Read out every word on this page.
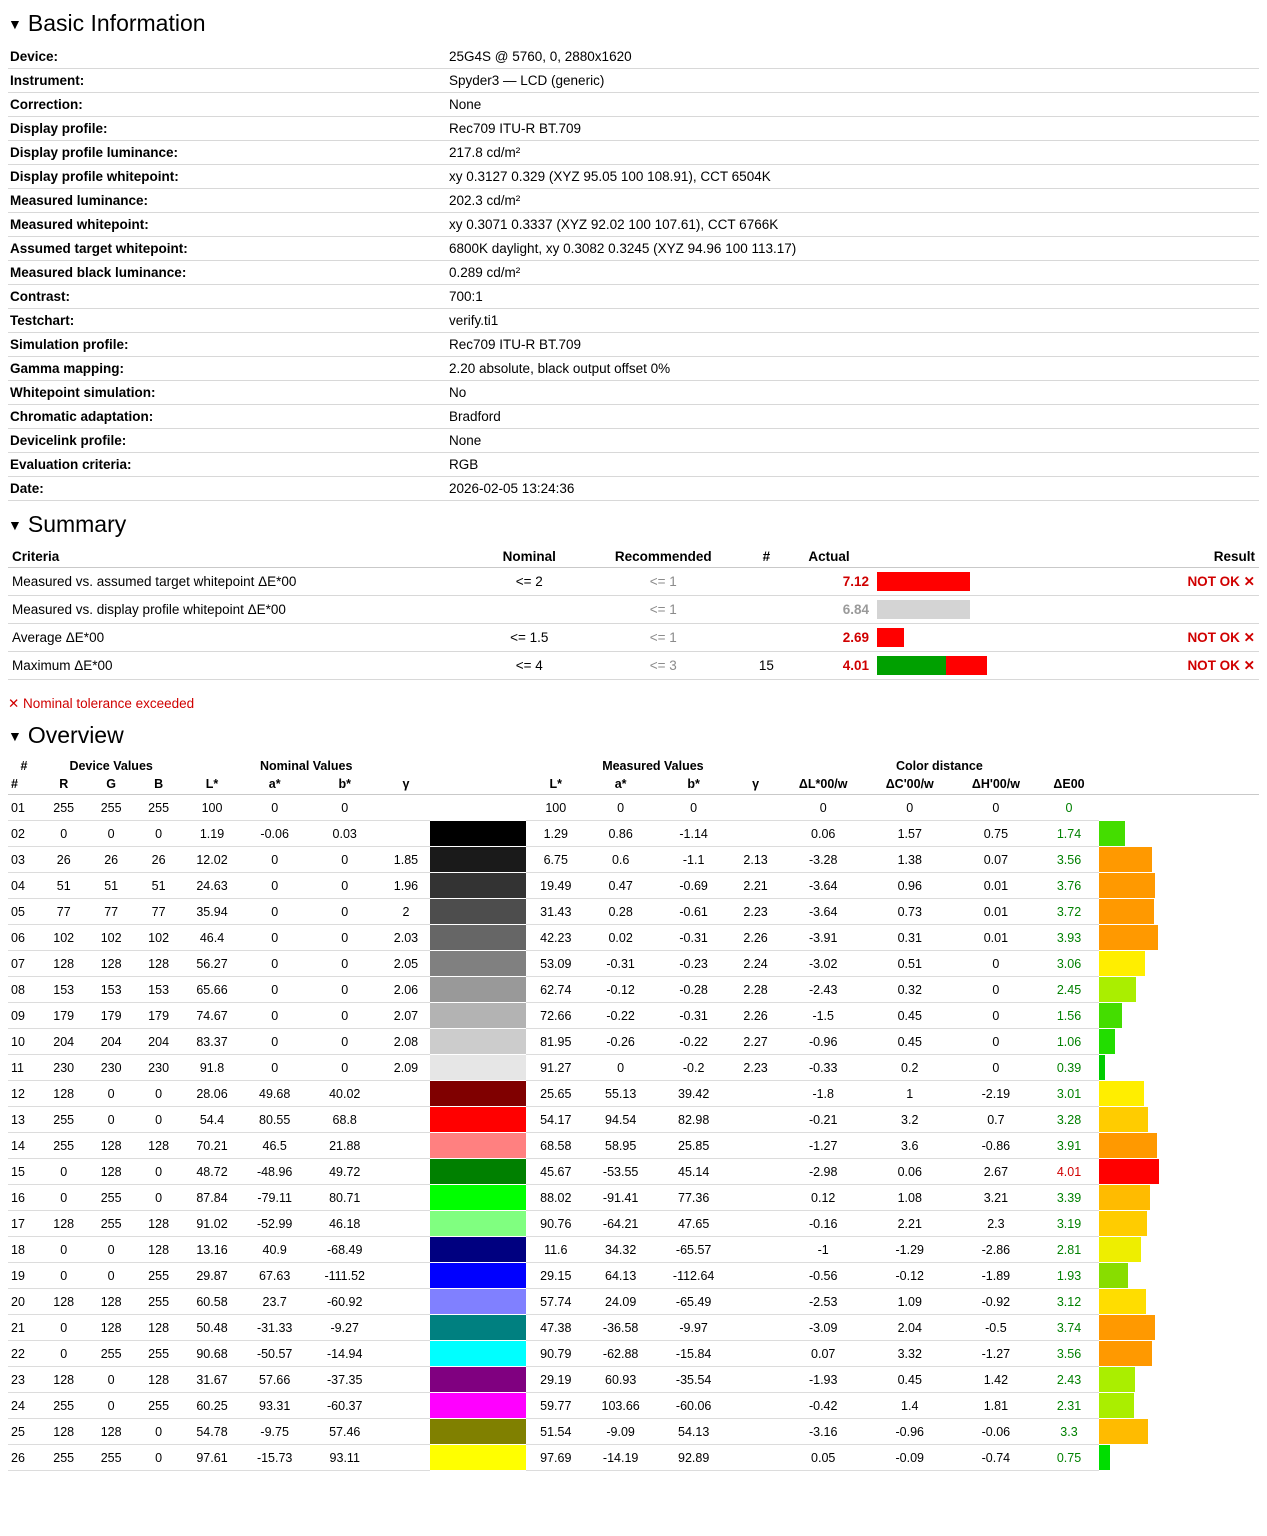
▼ Basic Information
Device:	25G4S @ 5760, 0, 2880x1620
Instrument:	Spyder3 — LCD (generic)
Correction:	None
Display profile:	Rec709 ITU-R BT.709
Display profile luminance:	217.8 cd/m²
Display profile whitepoint:	xy 0.3127 0.329 (XYZ 95.05 100 108.91), CCT 6504K
Measured luminance:	202.3 cd/m²
Measured whitepoint:	xy 0.3071 0.3337 (XYZ 92.02 100 107.61), CCT 6766K
Assumed target whitepoint:	6800K daylight, xy 0.3082 0.3245 (XYZ 94.96 100 113.17)
Measured black luminance:	0.289 cd/m²
Contrast:	700:1
Testchart:	verify.ti1
Simulation profile:	Rec709 ITU-R BT.709
Gamma mapping:	2.20 absolute, black output offset 0%
Whitepoint simulation:	No
Chromatic adaptation:	Bradford
Devicelink profile:	None
Evaluation criteria:	RGB
Date:	2026-02-05 13:24:36
▼ Summary
Criteria	Nominal	Recommended	#	Actual		Result
Measured vs. assumed target whitepoint ΔE*00	<= 2	<= 1		7.12		NOT OK ✕
Measured vs. display profile whitepoint ΔE*00		<= 1		6.84	

Average ΔE*00	<= 1.5	<= 1		2.69		NOT OK ✕
Maximum ΔE*00	<= 4	<= 3	15	4.01		NOT OK ✕
✕ Nominal tolerance exceeded
▼ Overview
#	Device Values			Nominal Values					Measured Values				Color distance				
#	R	G	B	L*	a*	b*	γ		L*	a*	b*	γ	ΔL*00/w	ΔC'00/w	ΔH'00/w	ΔE00	
01	255	255	255	100	0	0			100	0	0		0	0	0	0	
02	0	0	0	1.19	-0.06	0.03			1.29	0.86	-1.14		0.06	1.57	0.75	1.74	

03	26	26	26	12.02	0	0	1.85		6.75	0.6	-1.1	2.13	-3.28	1.38	0.07	3.56	

04	51	51	51	24.63	0	0	1.96		19.49	0.47	-0.69	2.21	-3.64	0.96	0.01	3.76	

05	77	77	77	35.94	0	0	2		31.43	0.28	-0.61	2.23	-3.64	0.73	0.01	3.72	

06	102	102	102	46.4	0	0	2.03		42.23	0.02	-0.31	2.26	-3.91	0.31	0.01	3.93	

07	128	128	128	56.27	0	0	2.05		53.09	-0.31	-0.23	2.24	-3.02	0.51	0	3.06	

08	153	153	153	65.66	0	0	2.06		62.74	-0.12	-0.28	2.28	-2.43	0.32	0	2.45	

09	179	179	179	74.67	0	0	2.07		72.66	-0.22	-0.31	2.26	-1.5	0.45	0	1.56	

10	204	204	204	83.37	0	0	2.08		81.95	-0.26	-0.22	2.27	-0.96	0.45	0	1.06	

11	230	230	230	91.8	0	0	2.09		91.27	0	-0.2	2.23	-0.33	0.2	0	0.39	

12	128	0	0	28.06	49.68	40.02			25.65	55.13	39.42		-1.8	1	-2.19	3.01	

13	255	0	0	54.4	80.55	68.8			54.17	94.54	82.98		-0.21	3.2	0.7	3.28	

14	255	128	128	70.21	46.5	21.88			68.58	58.95	25.85		-1.27	3.6	-0.86	3.91	

15	0	128	0	48.72	-48.96	49.72			45.67	-53.55	45.14		-2.98	0.06	2.67	4.01	

16	0	255	0	87.84	-79.11	80.71			88.02	-91.41	77.36		0.12	1.08	3.21	3.39	

17	128	255	128	91.02	-52.99	46.18			90.76	-64.21	47.65		-0.16	2.21	2.3	3.19	

18	0	0	128	13.16	40.9	-68.49			11.6	34.32	-65.57		-1	-1.29	-2.86	2.81	

19	0	0	255	29.87	67.63	-111.52			29.15	64.13	-112.64		-0.56	-0.12	-1.89	1.93	

20	128	128	255	60.58	23.7	-60.92			57.74	24.09	-65.49		-2.53	1.09	-0.92	3.12	

21	0	128	128	50.48	-31.33	-9.27			47.38	-36.58	-9.97		-3.09	2.04	-0.5	3.74	

22	0	255	255	90.68	-50.57	-14.94			90.79	-62.88	-15.84		0.07	3.32	-1.27	3.56	

23	128	0	128	31.67	57.66	-37.35			29.19	60.93	-35.54		-1.93	0.45	1.42	2.43	

24	255	0	255	60.25	93.31	-60.37			59.77	103.66	-60.06		-0.42	1.4	1.81	2.31	

25	128	128	0	54.78	-9.75	57.46			51.54	-9.09	54.13		-3.16	-0.96	-0.06	3.3	

26	255	255	0	97.61	-15.73	93.11			97.69	-14.19	92.89		0.05	-0.09	-0.74	0.75	
